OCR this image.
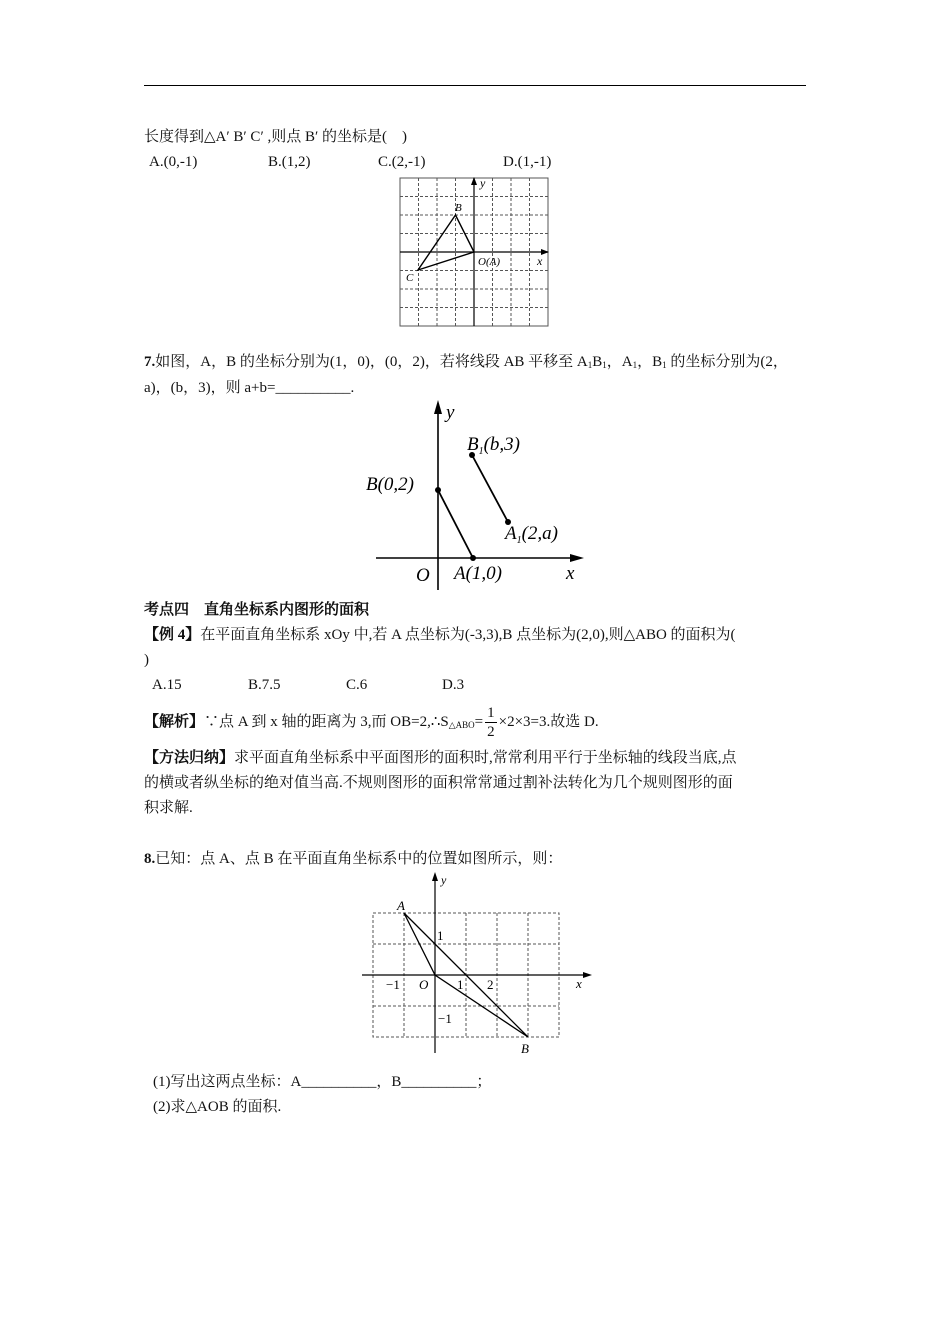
长度得到△A′ B′ C′ ,则点 B′ 的坐标是(　)
A.(0,-1)	B.(1,2)	C.(2,-1)	D.(1,-1)
y
x
B
C
O(A)
7.如图，A，B 的坐标分别为(1，0)，(0，2)，若将线段 AB 平移至 $A_1B_1$，$A_1$，$B_1$ 的坐标分别为(2，
a)，(b，3)，则 a+b=__________.
y
x
O
B(0,2)
A(1,0)
$B_1(b,3)$
$A_1(2,a)$
考点四　直角坐标系内图形的面积
【例 4】在平面直角坐标系 xOy 中,若 A 点坐标为(-3,3),B 点坐标为(2,0),则△ABO 的面积为(
)
A.15	B.7.5	C.6	D.3
【解析】∵点 A 到 x 轴的距离为 3,而 $OB=2,\therefore S_{\triangle ABO}= \frac{1}{2} \times 2\times 3=3$.故选 D.
【方法归纳】求平面直角坐标系中平面图形的面积时,常常利用平行于坐标轴的线段当底,点
的横或者纵坐标的绝对值当高.不规则图形的面积常常通过割补法转化为几个规则图形的面
积求解.
8.已知：点 A、点 B 在平面直角坐标系中的位置如图所示，则：
y
x
A
B
O
1
−1
1 2
−1
(1)写出这两点坐标：A__________，B__________；
(2)求△AOB 的面积.
